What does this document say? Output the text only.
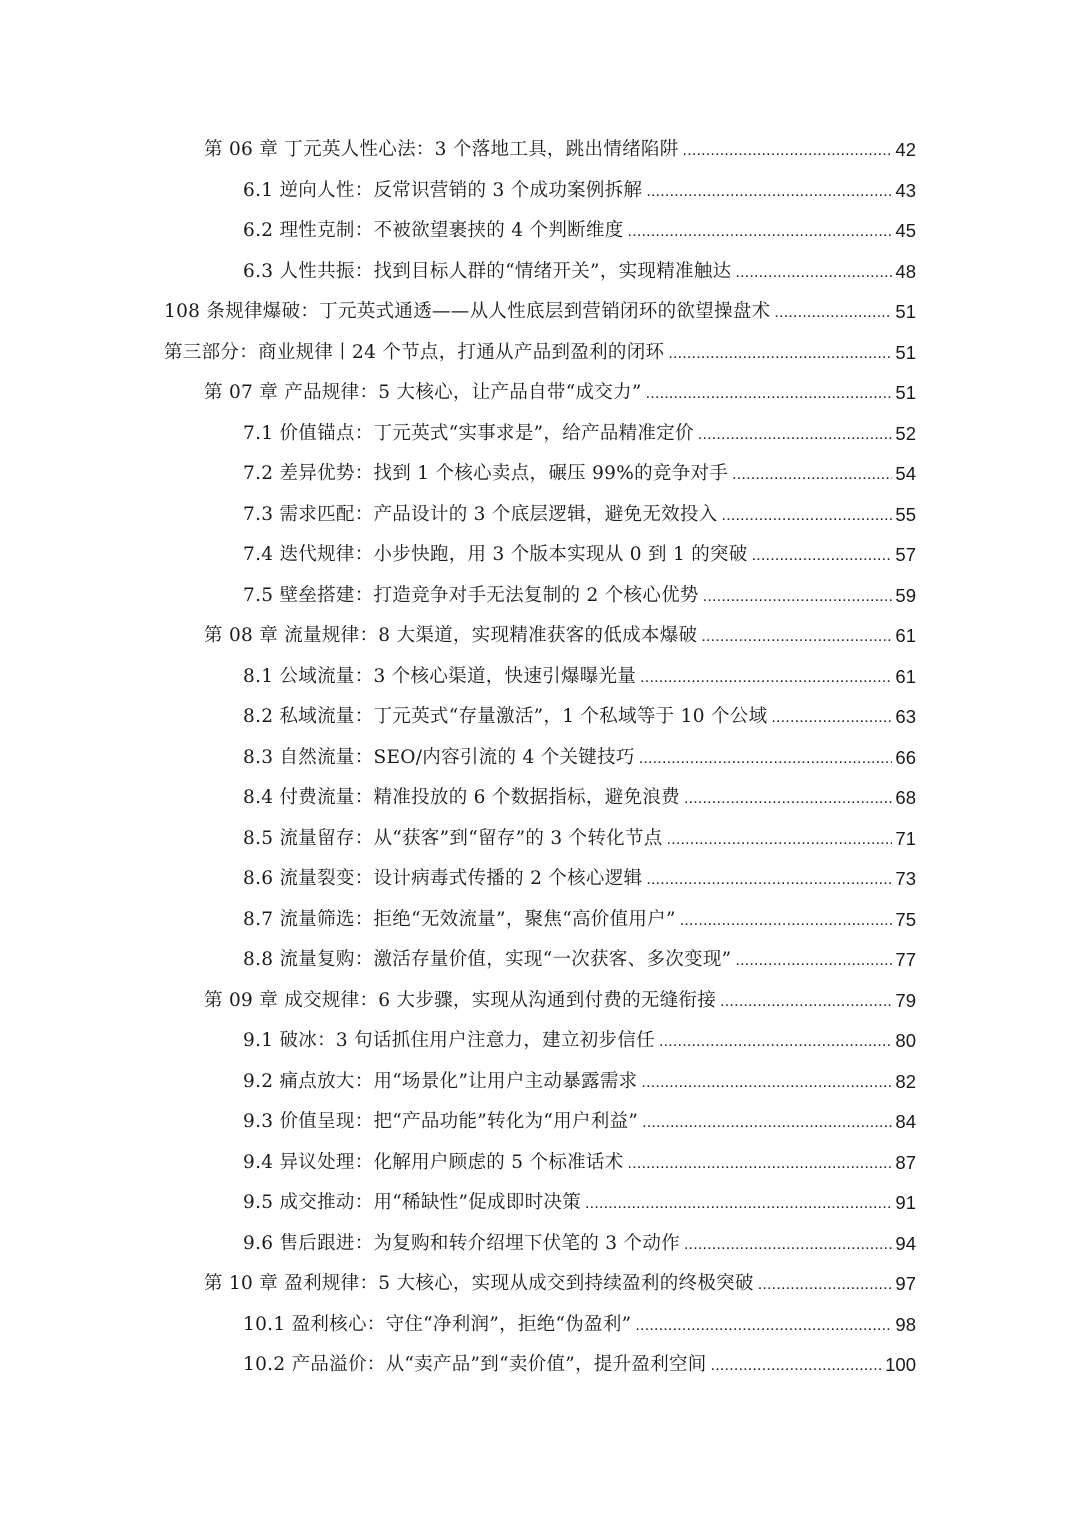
第 06 章 丁元英人性心法：3 个落地工具，跳出情绪陷阱 .....	42
6.1 逆向人性：反常识营销的 3 个成功案例拆解 .....	43
6.2 理性克制：不被欲望裹挟的 4 个判断维度 .....	45
6.3 人性共振：找到目标人群的“情绪开关”，实现精准触达 .....	48
108 条规律爆破：丁元英式通透——从人性底层到营销闭环的欲望操盘术 .....	51
第三部分：商业规律丨24 个节点，打通从产品到盈利的闭环 .....	51
第 07 章 产品规律：5 大核心，让产品自带“成交力” .....	51
7.1 价值锚点：丁元英式“实事求是”，给产品精准定价 .....	52
7.2 差异优势：找到 1 个核心卖点，碾压 99%的竞争对手 .....	54
7.3 需求匹配：产品设计的 3 个底层逻辑，避免无效投入 .....	55
7.4 迭代规律：小步快跑，用 3 个版本实现从 0 到 1 的突破 .....	57
7.5 壁垒搭建：打造竞争对手无法复制的 2 个核心优势 .....	59
第 08 章 流量规律：8 大渠道，实现精准获客的低成本爆破 .....	61
8.1 公域流量：3 个核心渠道，快速引爆曝光量 .....	61
8.2 私域流量：丁元英式“存量激活”，1 个私域等于 10 个公域 .....	63
8.3 自然流量：SEO/内容引流的 4 个关键技巧 .....	66
8.4 付费流量：精准投放的 6 个数据指标，避免浪费 .....	68
8.5 流量留存：从“获客”到“留存”的 3 个转化节点 .....	71
8.6 流量裂变：设计病毒式传播的 2 个核心逻辑 .....	73
8.7 流量筛选：拒绝“无效流量”，聚焦“高价值用户” .....	75
8.8 流量复购：激活存量价值，实现“一次获客、多次变现” .....	77
第 09 章 成交规律：6 大步骤，实现从沟通到付费的无缝衔接 .....	79
9.1 破冰：3 句话抓住用户注意力，建立初步信任 .....	80
9.2 痛点放大：用“场景化”让用户主动暴露需求 .....	82
9.3 价值呈现：把“产品功能”转化为“用户利益” .....	84
9.4 异议处理：化解用户顾虑的 5 个标准话术 .....	87
9.5 成交推动：用“稀缺性”促成即时决策 .....	91
9.6 售后跟进：为复购和转介绍埋下伏笔的 3 个动作 .....	94
第 10 章 盈利规律：5 大核心，实现从成交到持续盈利的终极突破 .....	97
10.1 盈利核心：守住“净利润”，拒绝“伪盈利” .....	98
10.2 产品溢价：从“卖产品”到“卖价值”，提升盈利空间 .....	100
